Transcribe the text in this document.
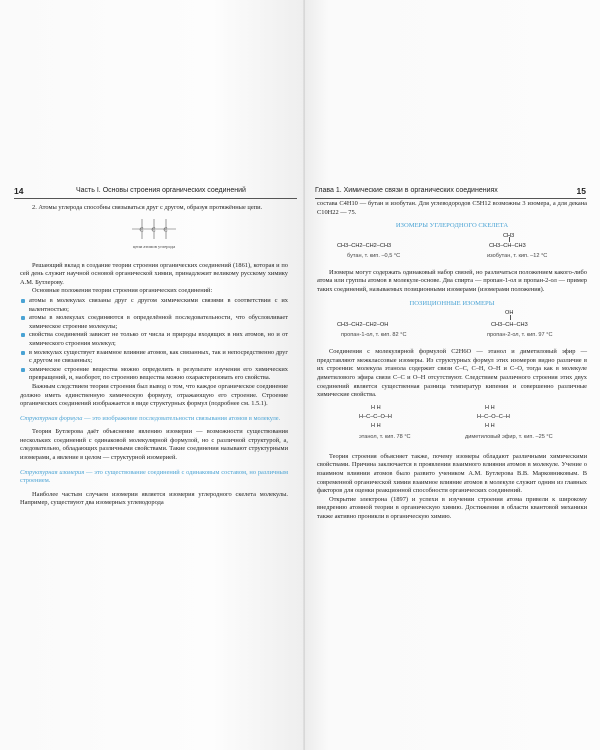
14	Часть I. Основы строения органических соединений

2. Атомы углерода способны связываться друг с другом, образуя протяжённые цепи.

C C C
цепи атомов углерода

Решающий вклад в создание теории строения органических соединений (1861), которая и по сей день служит научной основой органической химии, принадлежит великому русскому химику А.М. Бутлерову.

Основные положения теории строения органических соединений:

атомы в молекулах связаны друг с другом химическими связями в соответствии с их валентностью;
атомы в молекулах соединяются в определённой последовательности, что обусловливает химическое строение молекулы;
свойства соединений зависят не только от числа и природы входящих в них атомов, но и от химического строения молекул;
в молекулах существует взаимное влияние атомов, как связанных, так и непосредственно друг с другом не связанных;
химическое строение вещества можно определить в результате изучения его химических превращений, и, наоборот, по строению вещества можно охарактеризовать его свойства.

Важным следствием теории строения был вывод о том, что каждое органическое соединение должно иметь единственную химическую формулу, отражающую его строение. Строение органических соединений изображается в виде структурных формул (подробнее см. 1.5.1).

Структурная формула — это изображение последовательности связывания атомов в молекуле.

Теория Бутлерова даёт объяснение явлению изомерии — возможности существования нескольких соединений с одинаковой молекулярной формулой, но с различной структурой, а, следовательно, обладающих различными свойствами. Такие соединения называют структурными изомерами, а явление в целом — структурной изомерией.

Структурная изомерия — это существование соединений с одинаковым составом, но различным строением.

Наиболее частым случаем изомерии является изомерия углеродного скелета молекулы. Например, существуют два изомерных углеводорода

Глава 1. Химические связи в органических соединениях	15

состава C4H10 — бутан и изобутан. Для углеводородов C5H12 возможны 3 изомера, а для декана C10H22 — 75.

ИЗОМЕРЫ УГЛЕРОДНОГО СКЕЛЕТА
CH3
CH3–CH2–CH2–CH3	CH3–CH–CH3
бутан, т. кип. –0,5 °C	изобутан, т. кип. –12 °C

Изомеры могут содержать одинаковый набор связей, но различаться положением какого-либо атома или группы атомов в молекуле-основе. Два спирта — пропан-1-ол и пропан-2-ол — пример таких соединений, называемых позиционными изомерами (изомерами положения).

ПОЗИЦИОННЫЕ ИЗОМЕРЫ
OH
CH3–CH2–CH2–OH	CH3–CH–CH3
пропан-1-ол, т. кип. 82 °C	пропан-2-ол, т. кип. 97 °C

Соединения с молекулярной формулой C2H6O — этанол и диметиловый эфир — представляют межклассовые изомеры. Из структурных формул этих изомеров видно различие в их строении: молекула этанола содержит связи С–С, С–Н, О–Н и С–О, тогда как в молекуле диметилового эфира связи С–С и О–Н отсутствуют. Следствием различного строения этих двух соединений является существенная разница температур кипения и совершенно различные химические свойства.

H H
H–C–C–O–H
H H
этанол, т. кип. 78 °C
H H
H–C–O–C–H
H H
диметиловый эфир, т. кип. –25 °C

Теория строения объясняет также, почему изомеры обладают различными химическими свойствами. Причина заключается в проявлении взаимного влияния атомов в молекуле. Учение о взаимном влиянии атомов было развито учеником А.М. Бутлерова В.В. Марковниковым. В современной органической химии взаимное влияние атомов в молекуле служит одним из главных факторов для оценки реакционной способности органических соединений.

Открытие электрона (1897) и успехи в изучении строения атома привели к широкому внедрению атомной теории в органическую химию. Достижения в области квантовой механики также активно проникли в органическую химию.
